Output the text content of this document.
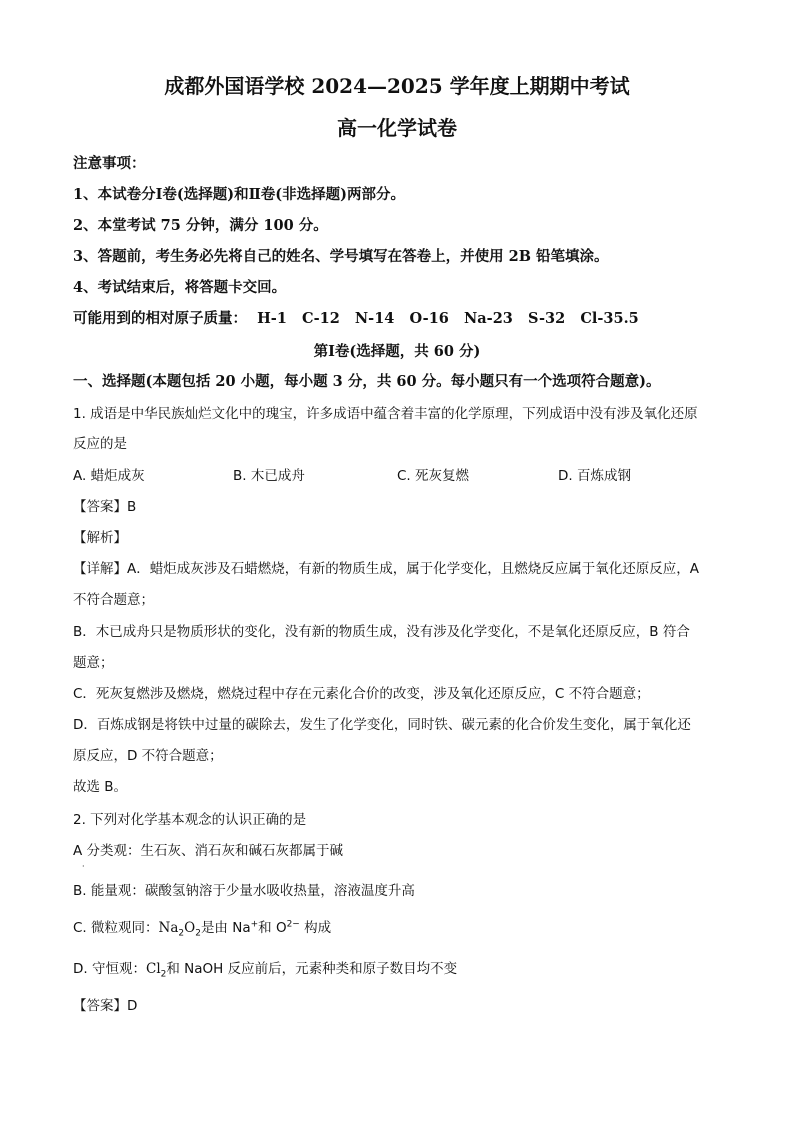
成都外国语学校 2024—2025 学年度上期期中考试
高一化学试卷
注意事项：
1、本试卷分Ⅰ卷(选择题)和Ⅱ卷(非选择题)两部分。
2、本堂考试 75 分钟，满分 100 分。
3、答题前，考生务必先将自己的姓名、学号填写在答卷上，并使用 2B 铅笔填涂。
4、考试结束后，将答题卡交回。
可能用到的相对原子质量：  H-1   C-12   N-14   O-16   Na-23   S-32   Cl-35.5
第Ⅰ卷(选择题，共 60 分)
一、选择题(本题包括 20 小题，每小题 3 分，共 60 分。每小题只有一个选项符合题意)。
1. 成语是中华民族灿烂文化中的瑰宝，许多成语中蕴含着丰富的化学原理，下列成语中没有涉及氧化还原
反应的是
A. 蜡炬成灰	B. 木已成舟	C. 死灰复燃	D. 百炼成钢
【答案】B
【解析】
【详解】A．蜡炬成灰涉及石蜡燃烧，有新的物质生成，属于化学变化，且燃烧反应属于氧化还原反应，A
不符合题意；
B．木已成舟只是物质形状的变化，没有新的物质生成，没有涉及化学变化，不是氧化还原反应，B 符合
题意；
C．死灰复燃涉及燃烧，燃烧过程中存在元素化合价的改变，涉及氧化还原反应，C 不符合题意；
D．百炼成钢是将铁中过量的碳除去，发生了化学变化，同时铁、碳元素的化合价发生变化，属于氧化还
原反应，D 不符合题意；
故选 B。
2. 下列对化学基本观念的认识正确的是
A 分类观：生石灰、消石灰和碱石灰都属于碱
·
B. 能量观：碳酸氢钠溶于少量水吸收热量，溶液温度升高
C. 微粒观同：$Na_2O_2$是由 Na+和 $O^{2-}$ 构成
D. 守恒观：$Cl_2$和 NaOH 反应前后，元素种类和原子数目均不变
【答案】D
